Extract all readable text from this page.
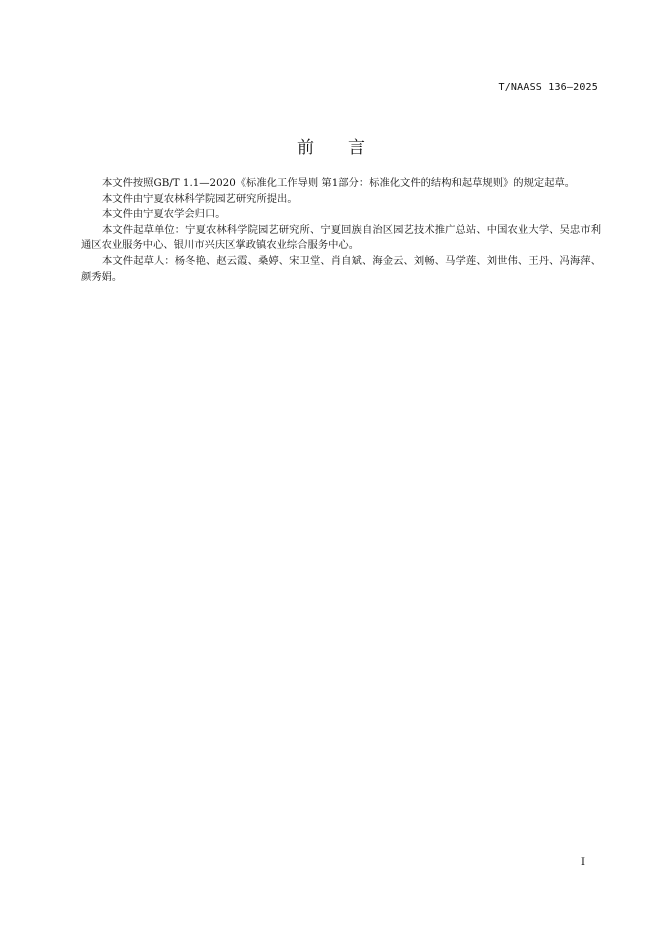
T/NAASS 136—2025
前言

本文件按照GB/T 1.1—2020《标准化工作导则 第1部分：标准化文件的结构和起草规则》的规定起草。

本文件由宁夏农林科学院园艺研究所提出。

本文件由宁夏农学会归口。

本文件起草单位：宁夏农林科学院园艺研究所、宁夏回族自治区园艺技术推广总站、中国农业大学、吴忠市利通区农业服务中心、银川市兴庆区掌政镇农业综合服务中心。

本文件起草人：杨冬艳、赵云霞、桑婷、宋卫堂、肖自斌、海金云、刘畅、马学莲、刘世伟、王丹、冯海萍、颜秀娟。

I
